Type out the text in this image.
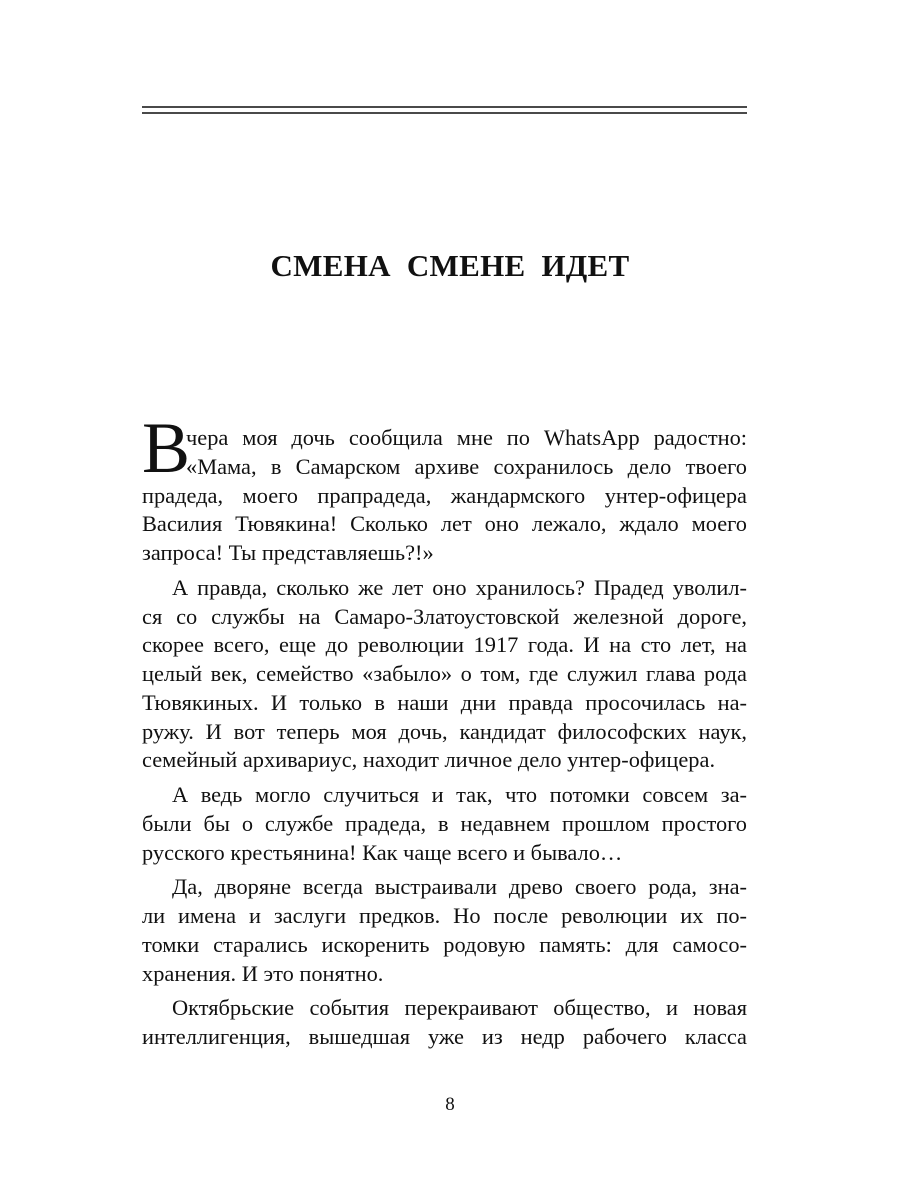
СМЕНА СМЕНЕ ИДЕТ
В
чера моя дочь сообщила мне по WhatsApp радостно:
«Мама, в Самарском архиве сохранилось дело твоего
прадеда, моего прапрадеда, жандармского унтер-офицера
Василия Тювякина! Сколько лет оно лежало, ждало моего
запроса! Ты представляешь?!»
А правда, сколько же лет оно хранилось? Прадед уволил-
ся со службы на Самаро-Златоустовской железной дороге,
скорее всего, еще до революции 1917 года. И на сто лет, на
целый век, семейство «забыло» о том, где служил глава рода
Тювякиных. И только в наши дни правда просочилась на-
ружу. И вот теперь моя дочь, кандидат философских наук,
семейный архивариус, находит личное дело унтер-офицера.
А ведь могло случиться и так, что потомки совсем за-
были бы о службе прадеда, в недавнем прошлом простого
русского крестьянина! Как чаще всего и бывало…
Да, дворяне всегда выстраивали древо своего рода, зна-
ли имена и заслуги предков. Но после революции их по-
томки старались искоренить родовую память: для самосо-
хранения. И это понятно.
Октябрьские события перекраивают общество, и новая
интеллигенция, вышедшая уже из недр рабочего класса
8
